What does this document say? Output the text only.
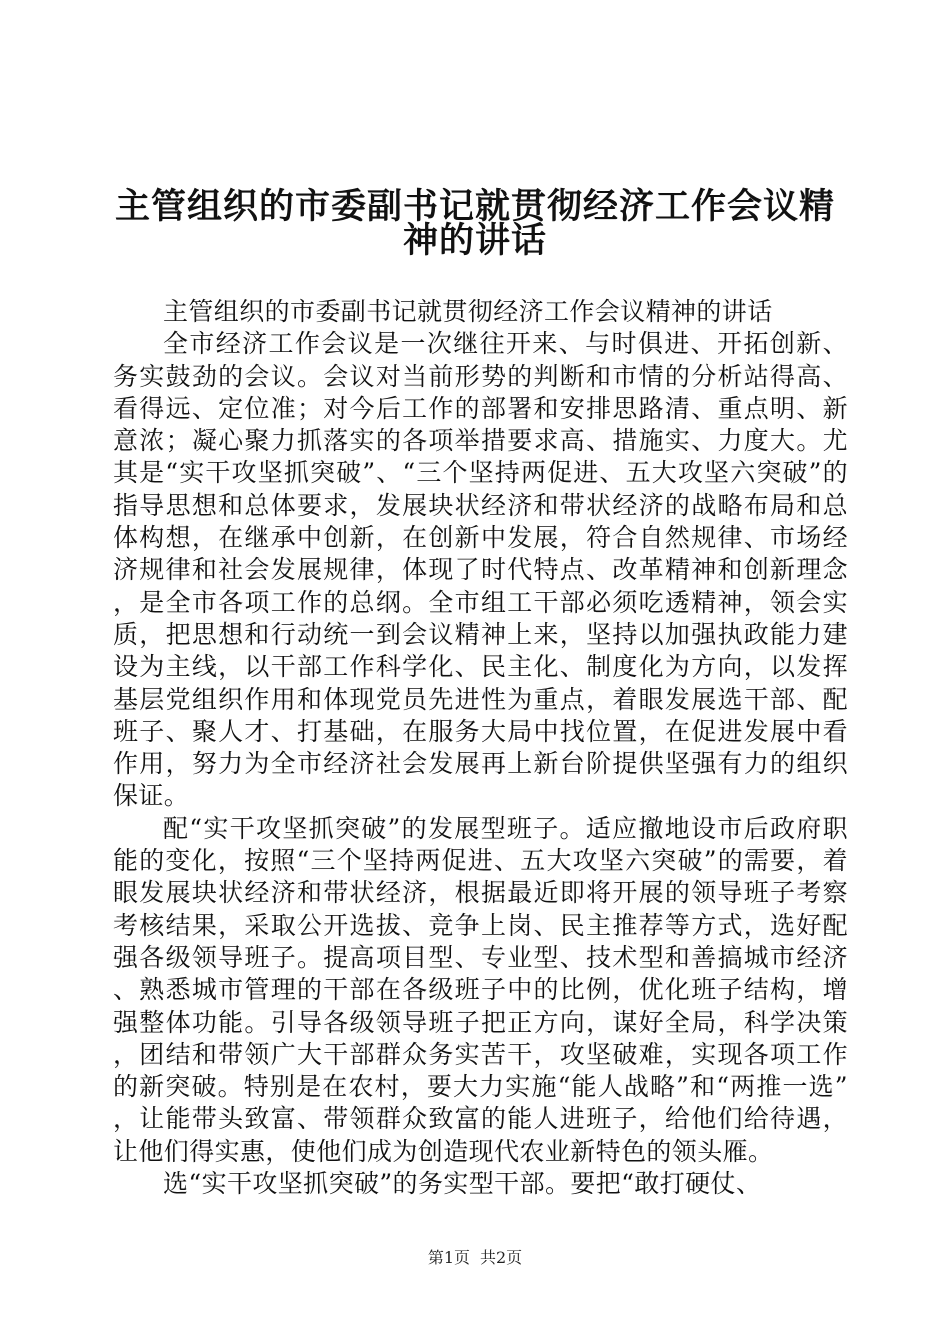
主管组织的市委副书记就贯彻经济工作会议精
神的讲话

主管组织的市委副书记就贯彻经济工作会议精神的讲话

全市经济工作会议是一次继往开来、与时俱进、开拓创新、务实鼓劲的会议。会议对当前形势的判断和市情的分析站得高、看得远、定位准；对今后工作的部署和安排思路清、重点明、新意浓；凝心聚力抓落实的各项举措要求高、措施实、力度大。尤其是“实干攻坚抓突破”、“三个坚持两促进、五大攻坚六突破”的指导思想和总体要求，发展块状经济和带状经济的战略布局和总体构想，在继承中创新，在创新中发展，符合自然规律、市场经济规律和社会发展规律，体现了时代特点、改革精神和创新理念，是全市各项工作的总纲。全市组工干部必须吃透精神，领会实质，把思想和行动统一到会议精神上来，坚持以加强执政能力建设为主线，以干部工作科学化、民主化、制度化为方向，以发挥基层党组织作用和体现党员先进性为重点，着眼发展选干部、配班子、聚人才、打基础，在服务大局中找位置，在促进发展中看作用，努力为全市经济社会发展再上新台阶提供坚强有力的组织保证。

配“实干攻坚抓突破”的发展型班子。适应撤地设市后政府职能的变化，按照“三个坚持两促进、五大攻坚六突破”的需要，着眼发展块状经济和带状经济，根据最近即将开展的领导班子考察考核结果，采取公开选拔、竞争上岗、民主推荐等方式，选好配强各级领导班子。提高项目型、专业型、技术型和善搞城市经济、熟悉城市管理的干部在各级班子中的比例，优化班子结构，增强整体功能。引导各级领导班子把正方向，谋好全局，科学决策，团结和带领广大干部群众务实苦干，攻坚破难，实现各项工作的新突破。特别是在农村，要大力实施“能人战略”和“两推一选”，让能带头致富、带领群众致富的能人进班子，给他们给待遇，让他们得实惠，使他们成为创造现代农业新特色的领头雁。

选“实干攻坚抓突破”的务实型干部。要把“敢打硬仗、

第1页 共2页
